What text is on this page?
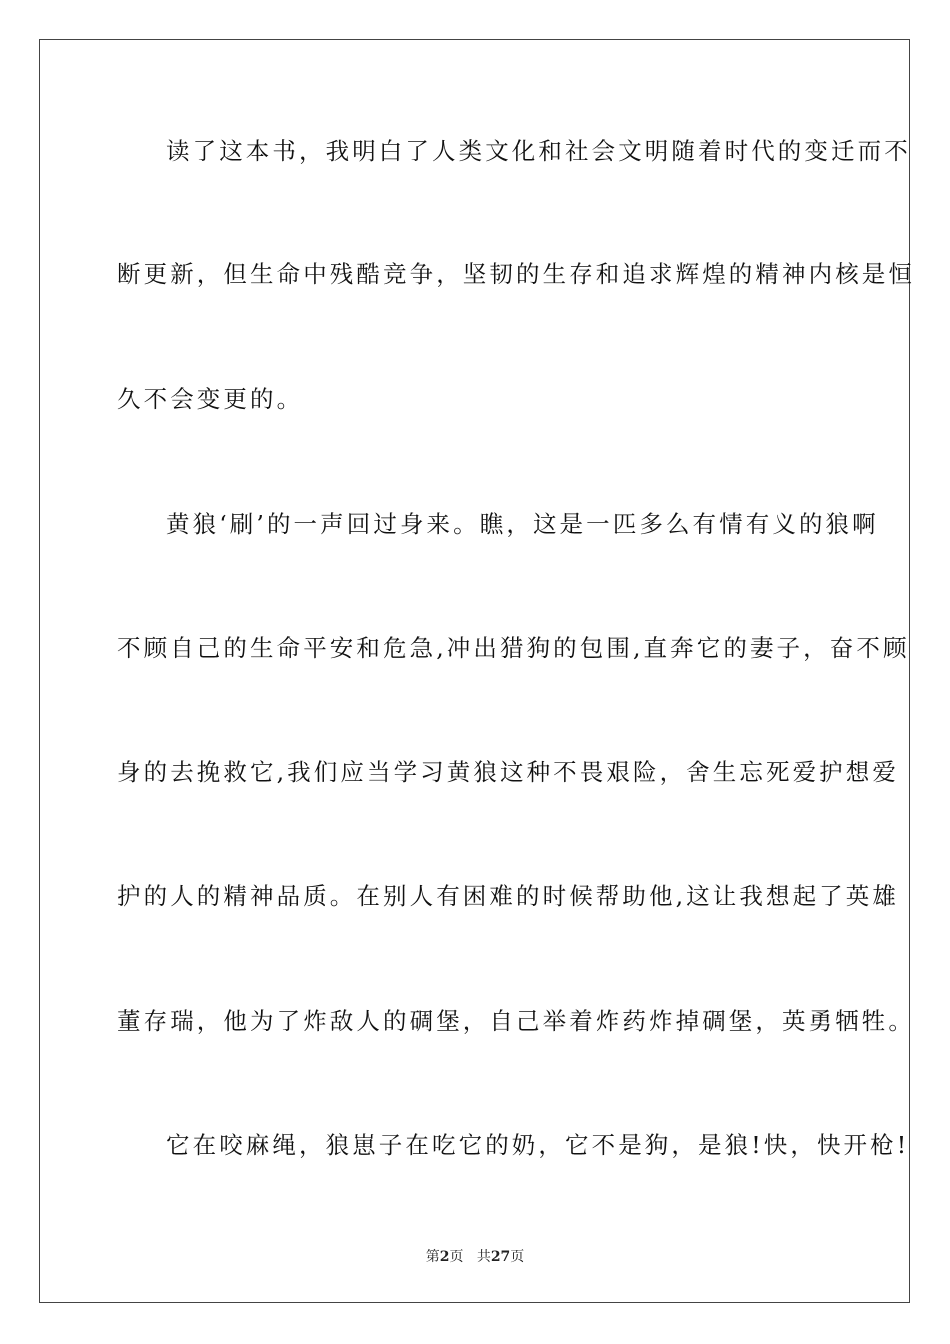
读了这本书，我明白了人类文化和社会文明随着时代的变迁而不
断更新，但生命中残酷竞争，坚韧的生存和追求辉煌的精神内核是恒
久不会变更的。
黄狼‘刷’的一声回过身来。瞧，这是一匹多么有情有义的狼啊
不顾自己的生命平安和危急,冲出猎狗的包围,直奔它的妻子，奋不顾
身的去挽救它,我们应当学习黄狼这种不畏艰险，舍生忘死爱护想爱
护的人的精神品质。在别人有困难的时候帮助他,这让我想起了英雄
董存瑞，他为了炸敌人的碉堡，自己举着炸药炸掉碉堡，英勇牺牲。
它在咬麻绳，狼崽子在吃它的奶，它不是狗，是狼!快，快开枪!
第2页 共27页
